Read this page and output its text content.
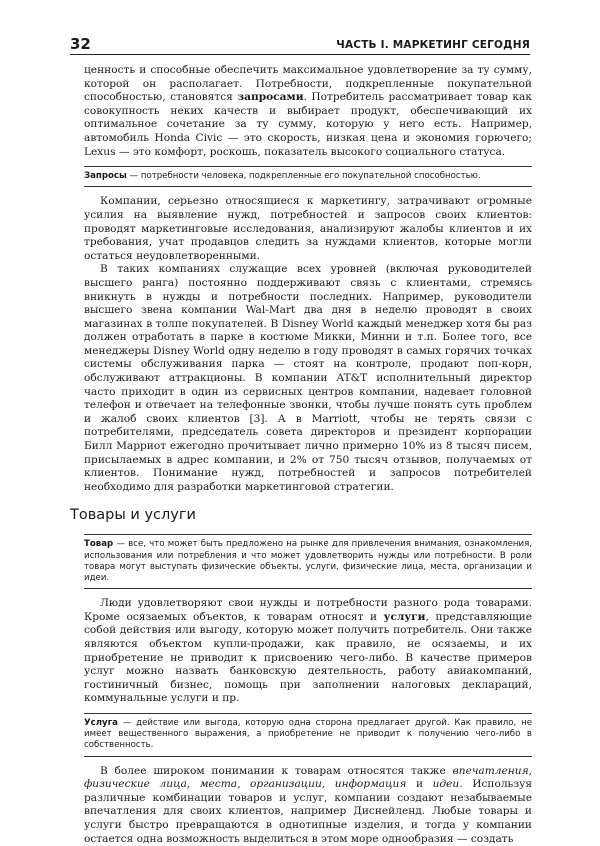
32	ЧАСТЬ I. МАРКЕТИНГ СЕГОДНЯ

ценность и способные обеспечить максимальное удовлетворение за ту сумму, которой он располагает. Потребности, подкрепленные покупательной способностью, становятся запросами. Потребитель рассматривает товар как совокупность неких качеств и выбирает продукт, обеспечивающий их оптимальное сочетание за ту сумму, которую у него есть. Например, автомобиль Honda Civic — это скорость, низкая цена и экономия горючего; Lexus — это комфорт, роскошь, показатель высокого социального статуса.

Запросы — потребности человека, подкрепленные его покупательной способностью.

Компании, серьезно относящиеся к маркетингу, затрачивают огромные усилия на выявление нужд, потребностей и запросов своих клиентов: проводят маркетинговые исследования, анализируют жалобы клиентов и их требования, учат продавцов следить за нуждами клиентов, которые могли остаться неудовлетворенными.

В таких компаниях служащие всех уровней (включая руководителей высшего ранга) постоянно поддерживают связь с клиентами, стремясь вникнуть в нужды и потребности последних. Например, руководители высшего звена компании Wal-Mart два дня в неделю проводят в своих магазинах в толпе покупателей. В Disney World каждый менеджер хотя бы раз должен отработать в парке в костюме Микки, Минни и т.п. Более того, все менеджеры Disney World одну неделю в году проводят в самых горячих точках системы обслуживания парка — стоят на контроле, продают поп-корн, обслуживают аттракционы. В компании AT&T исполнительный директор часто приходит в один из сервисных центров компании, надевает головной телефон и отвечает на телефонные звонки, чтобы лучше понять суть проблем и жалоб своих клиентов [3]. А в Marriott, чтобы не терять связи с потребителями, председатель совета директоров и президент корпорации Билл Марриот ежегодно прочитывает лично примерно 10% из 8 тысяч писем, присылаемых в адрес компании, и 2% от 750 тысяч отзывов, получаемых от клиентов. Понимание нужд, потребностей и запросов потребителей необходимо для разработки маркетинговой стратегии.

Товары и услуги

Товар — все, что может быть предложено на рынке для привлечения внимания, ознакомления, использования или потребления и что может удовлетворить нужды или потребности. В роли товара могут выступать физические объекты, услуги, физические лица, места, организации и идеи.

Люди удовлетворяют свои нужды и потребности разного рода товарами. Кроме осязаемых объектов, к товарам относят и услуги, представляющие собой действия или выгоду, которую может получить потребитель. Они также являются объектом купли-продажи, как правило, не осязаемы, и их приобретение не приводит к присвоению чего-либо. В качестве примеров услуг можно назвать банковскую деятельность, работу авиакомпаний, гостиничный бизнес, помощь при заполнении налоговых деклараций, коммунальные услуги и пр.

Услуга — действие или выгода, которую одна сторона предлагает другой. Как правило, не имеет вещественного выражения, а приобретение не приводит к получению чего-либо в собственность.

В более широком понимании к товарам относятся также впечатления, физические лица, места, организации, информация и идеи. Используя различные комбинации товаров и услуг, компании создают незабываемые впечатления для своих клиентов, например Диснейленд. Любые товары и услуги быстро превращаются в однотипные изделия, и тогда у компании остается одна возможность выделиться в этом море однообразия — создать
